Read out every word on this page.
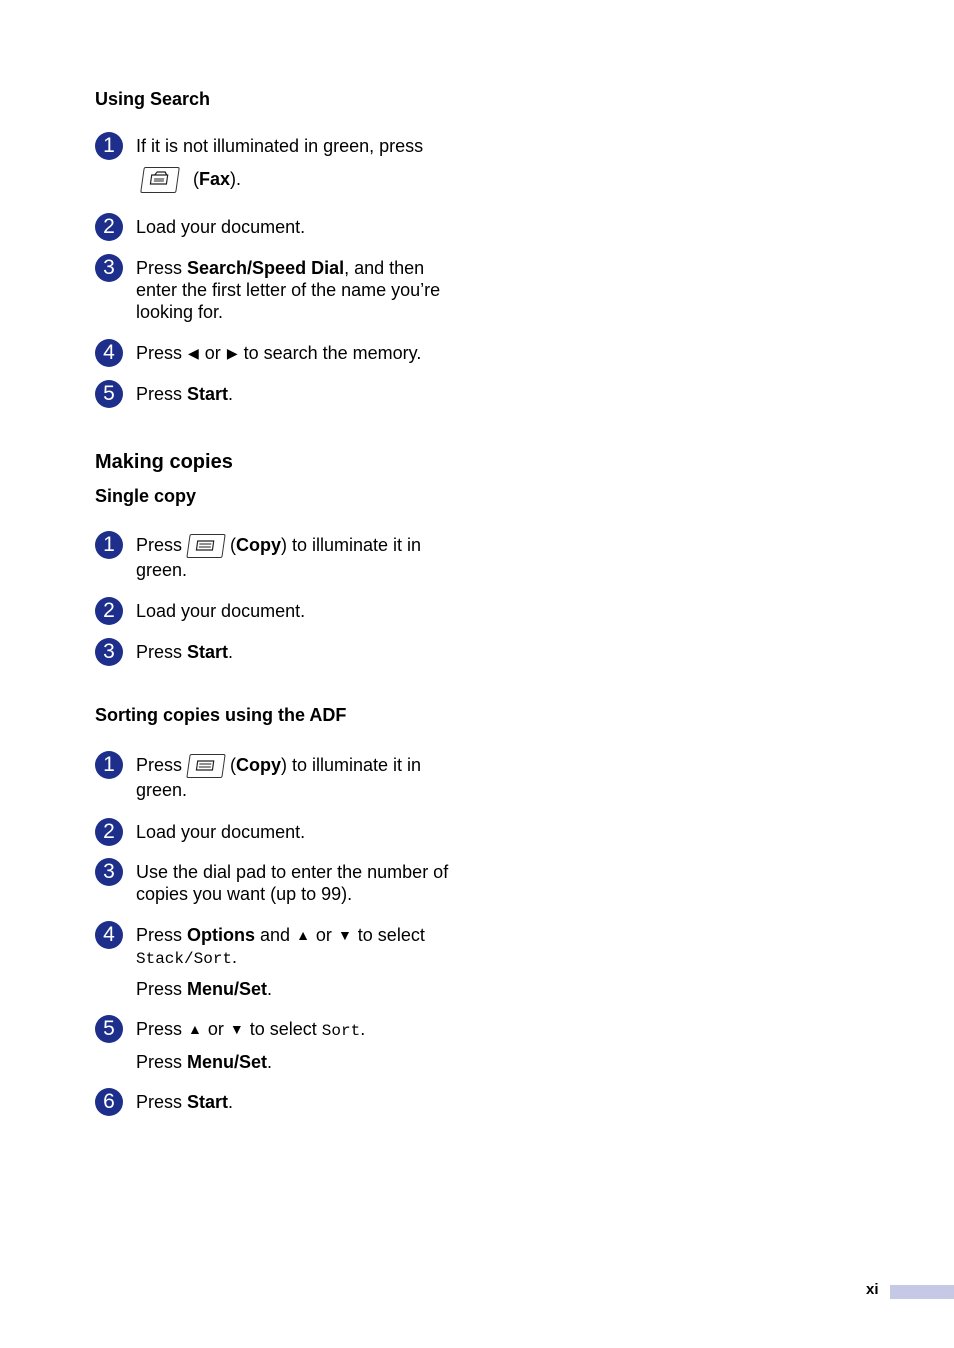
Using Search
1	If it is not illuminated in green, press
(Fax).
2	Load your document.
3	Press Search/Speed Dial, and then
enter the first letter of the name you’re
looking for.
4	Press ◀ or ▶ to search the memory.
5	Press Start.
Making copies
Single copy
1	Press	(Copy) to illuminate it in
green.
2	Load your document.
3	Press Start.
Sorting copies using the ADF
1	Press	(Copy) to illuminate it in
green.
2	Load your document.
3	Use the dial pad to enter the number of
copies you want (up to 99).
4	Press Options and ▲ or ▼ to select
Stack/Sort.
Press Menu/Set.
5	Press ▲ or ▼ to select Sort.
Press Menu/Set.
6	Press Start.
xi
